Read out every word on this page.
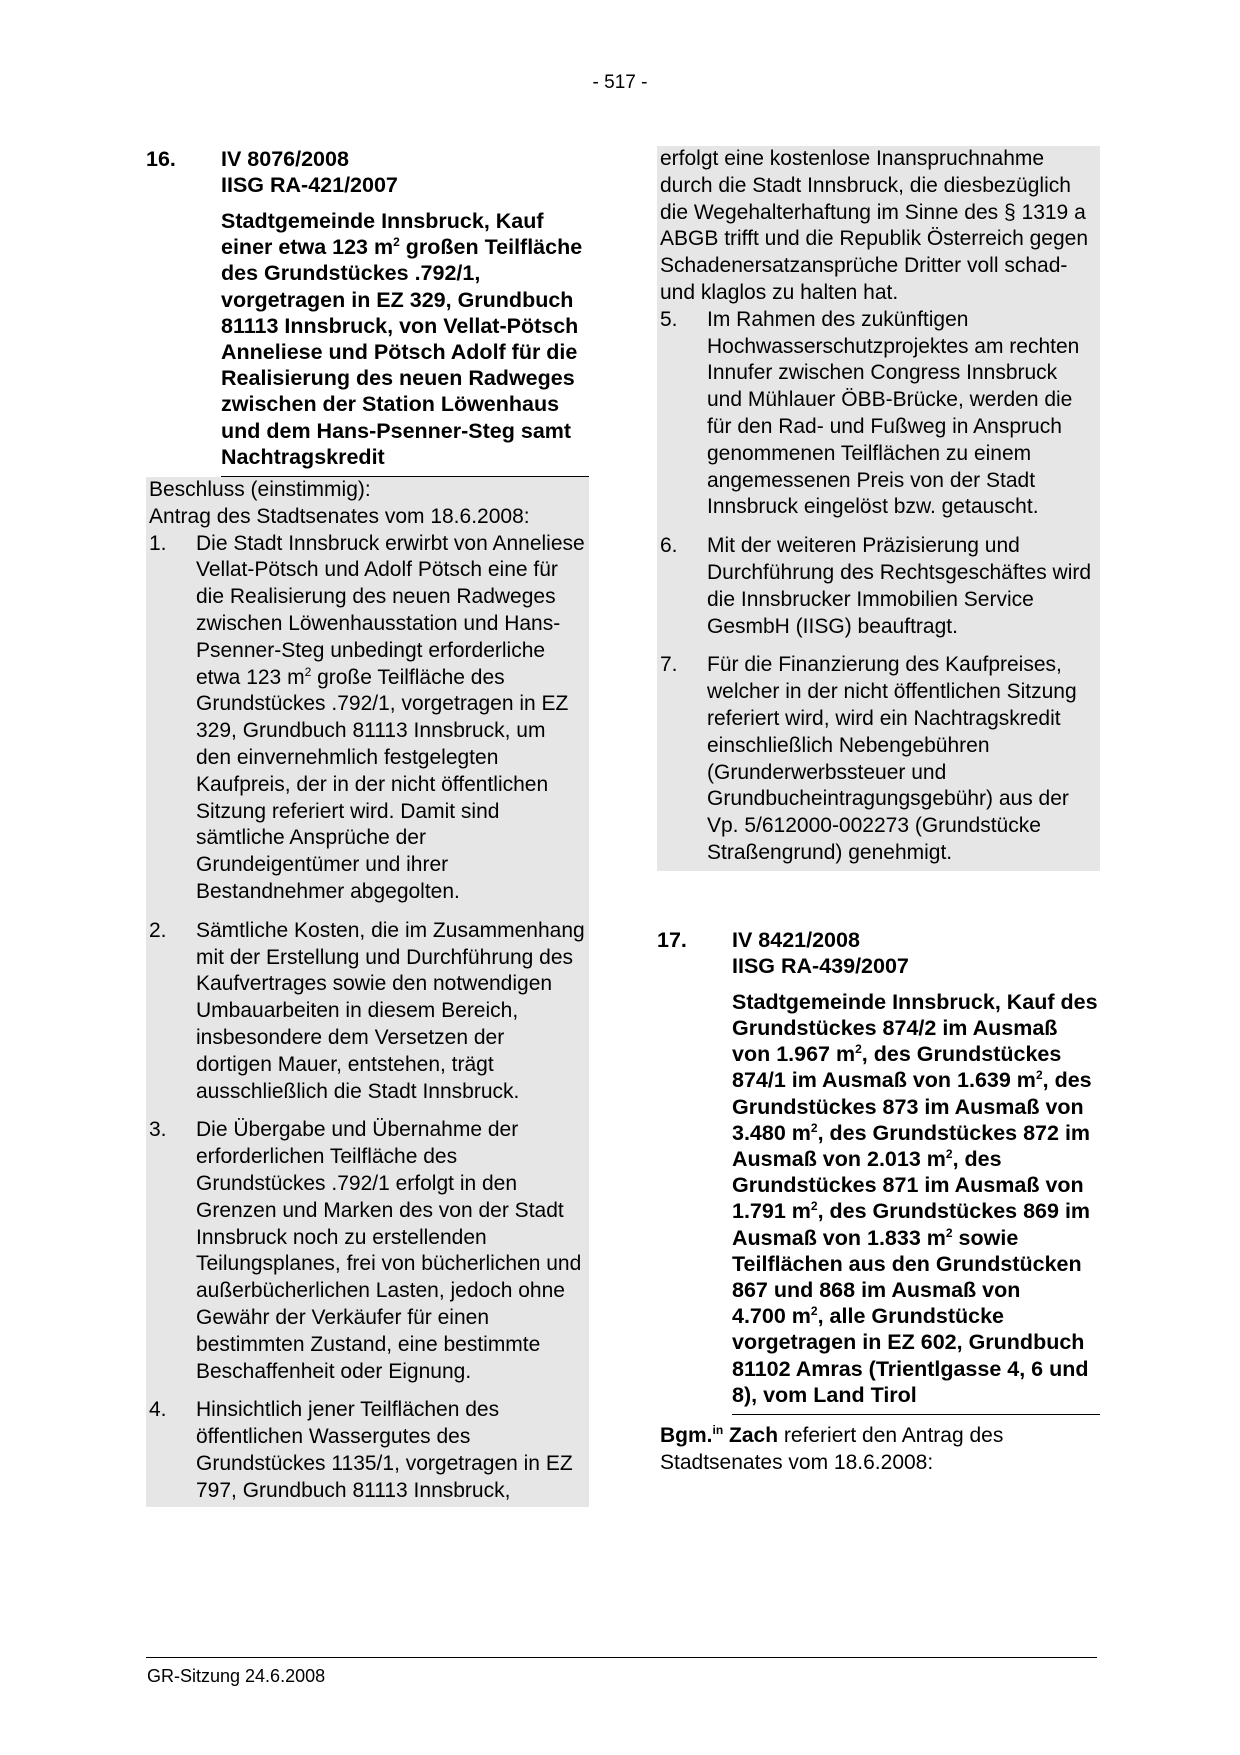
- 517 -
16.	IV 8076/2008
IISG RA-421/2007
Stadtgemeinde Innsbruck, Kauf einer etwa 123 $m^2$ großen Teilfläche des Grundstückes .792/1, vorgetragen in EZ 329, Grundbuch 81113 Innsbruck, von Vellat-Pötsch Anneliese und Pötsch Adolf für die Realisierung des neuen Radweges zwischen der Station Löwenhaus und dem Hans-Psenner-Steg samt Nachtragskredit

Beschluss (einstimmig):

Antrag des Stadtsenates vom 18.6.2008:

1.	Die Stadt Innsbruck erwirbt von Anneliese Vellat-Pötsch und Adolf Pötsch eine für die Realisierung des neuen Radweges zwischen Löwenhausstation und Hans-Psenner-Steg unbedingt erforderliche etwa 123 $m^2$ große Teilfläche des Grundstückes .792/1, vorgetragen in EZ 329, Grundbuch 81113 Innsbruck, um den einvernehmlich festgelegten Kaufpreis, der in der nicht öffentlichen Sitzung referiert wird. Damit sind sämtliche Ansprüche der Grundeigentümer und ihrer Bestandnehmer abgegolten.
2.	Sämtliche Kosten, die im Zusammenhang mit der Erstellung und Durchführung des Kaufvertrages sowie den notwendigen Umbauarbeiten in diesem Bereich, insbesondere dem Versetzen der dortigen Mauer, entstehen, trägt ausschließlich die Stadt Innsbruck.
3.	Die Übergabe und Übernahme der erforderlichen Teilfläche des Grundstückes .792/1 erfolgt in den Grenzen und Marken des von der Stadt Innsbruck noch zu erstellenden Teilungsplanes, frei von bücherlichen und außerbücherlichen Lasten, jedoch ohne Gewähr der Verkäufer für einen bestimmten Zustand, eine bestimmte Beschaffenheit oder Eignung.
4.	Hinsichtlich jener Teilflächen des öffentlichen Wassergutes des Grundstückes 1135/1, vorgetragen in EZ 797, Grundbuch 81113 Innsbruck,

erfolgt eine kostenlose Inanspruchnahme durch die Stadt Innsbruck, die diesbezüglich die Wegehalterhaftung im Sinne des § 1319 a ABGB trifft und die Republik Österreich gegen Schadenersatzansprüche Dritter voll schad- und klaglos zu halten hat.

5.	Im Rahmen des zukünftigen Hochwasserschutzprojektes am rechten Innufer zwischen Congress Innsbruck und Mühlauer ÖBB-Brücke, werden die für den Rad- und Fußweg in Anspruch genommenen Teilflächen zu einem angemessenen Preis von der Stadt Innsbruck eingelöst bzw. getauscht.
6.	Mit der weiteren Präzisierung und Durchführung des Rechtsgeschäftes wird die Innsbrucker Immobilien Service GesmbH (IISG) beauftragt.
7.	Für die Finanzierung des Kaufpreises, welcher in der nicht öffentlichen Sitzung referiert wird, wird ein Nachtragskredit einschließlich Nebengebühren (Grunderwerbssteuer und Grundbucheintragungsgebühr) aus der Vp. 5/612000-002273 (Grundstücke Straßengrund) genehmigt.
17.	IV 8421/2008
IISG RA-439/2007
Stadtgemeinde Innsbruck, Kauf des Grundstückes 874/2 im Ausmaß von 1.967 $m^2$, des Grundstückes 874/1 im Ausmaß von 1.639 $m^2$, des Grundstückes 873 im Ausmaß von 3.480 $m^2$, des Grundstückes 872 im Ausmaß von 2.013 $m^2$, des Grundstückes 871 im Ausmaß von 1.791 $m^2$, des Grundstückes 869 im Ausmaß von 1.833 $m^2$ sowie Teilflächen aus den Grundstücken 867 und 868 im Ausmaß von
4.700 $m^2$, alle Grundstücke vorgetragen in EZ 602, Grundbuch 81102 Amras (Trientlgasse 4, 6 und 8), vom Land Tirol
Bgm.$^{in}$ Zach referiert den Antrag des Stadtsenates vom 18.6.2008:
GR-Sitzung 24.6.2008
